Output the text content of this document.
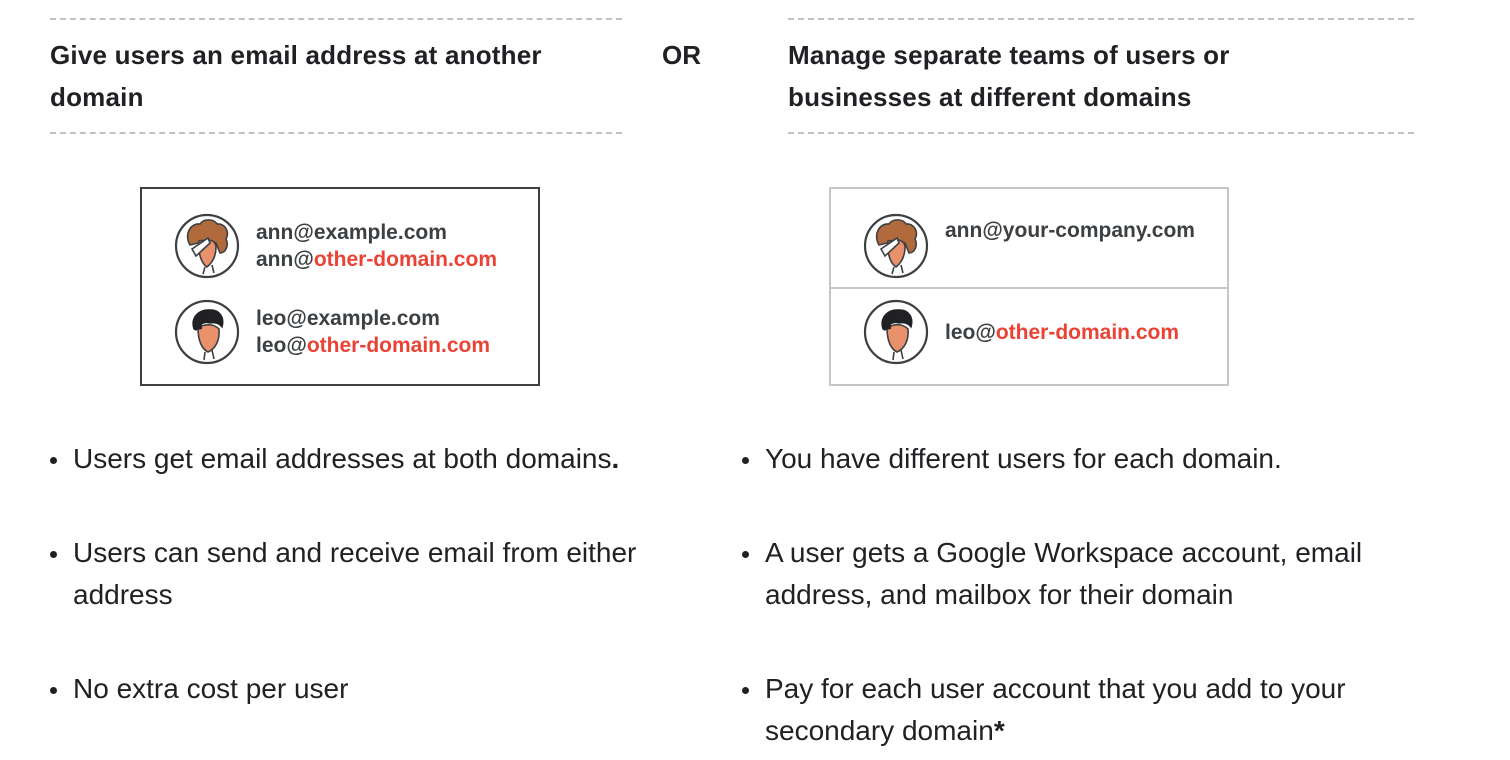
Give users an email address at another domain
OR	Manage separate teams of users or businesses at different domains
ann@example.com
ann@other-domain.com
leo@example.com
leo@other-domain.com
ann@your-company.com
leo@other-domain.com
Users get email addresses at both domains.
Users can send and receive email from either address
No extra cost per user
You have different users for each domain.
A user gets a Google Workspace account, email address, and mailbox for their domain
Pay for each user account that you add to your secondary domain*
